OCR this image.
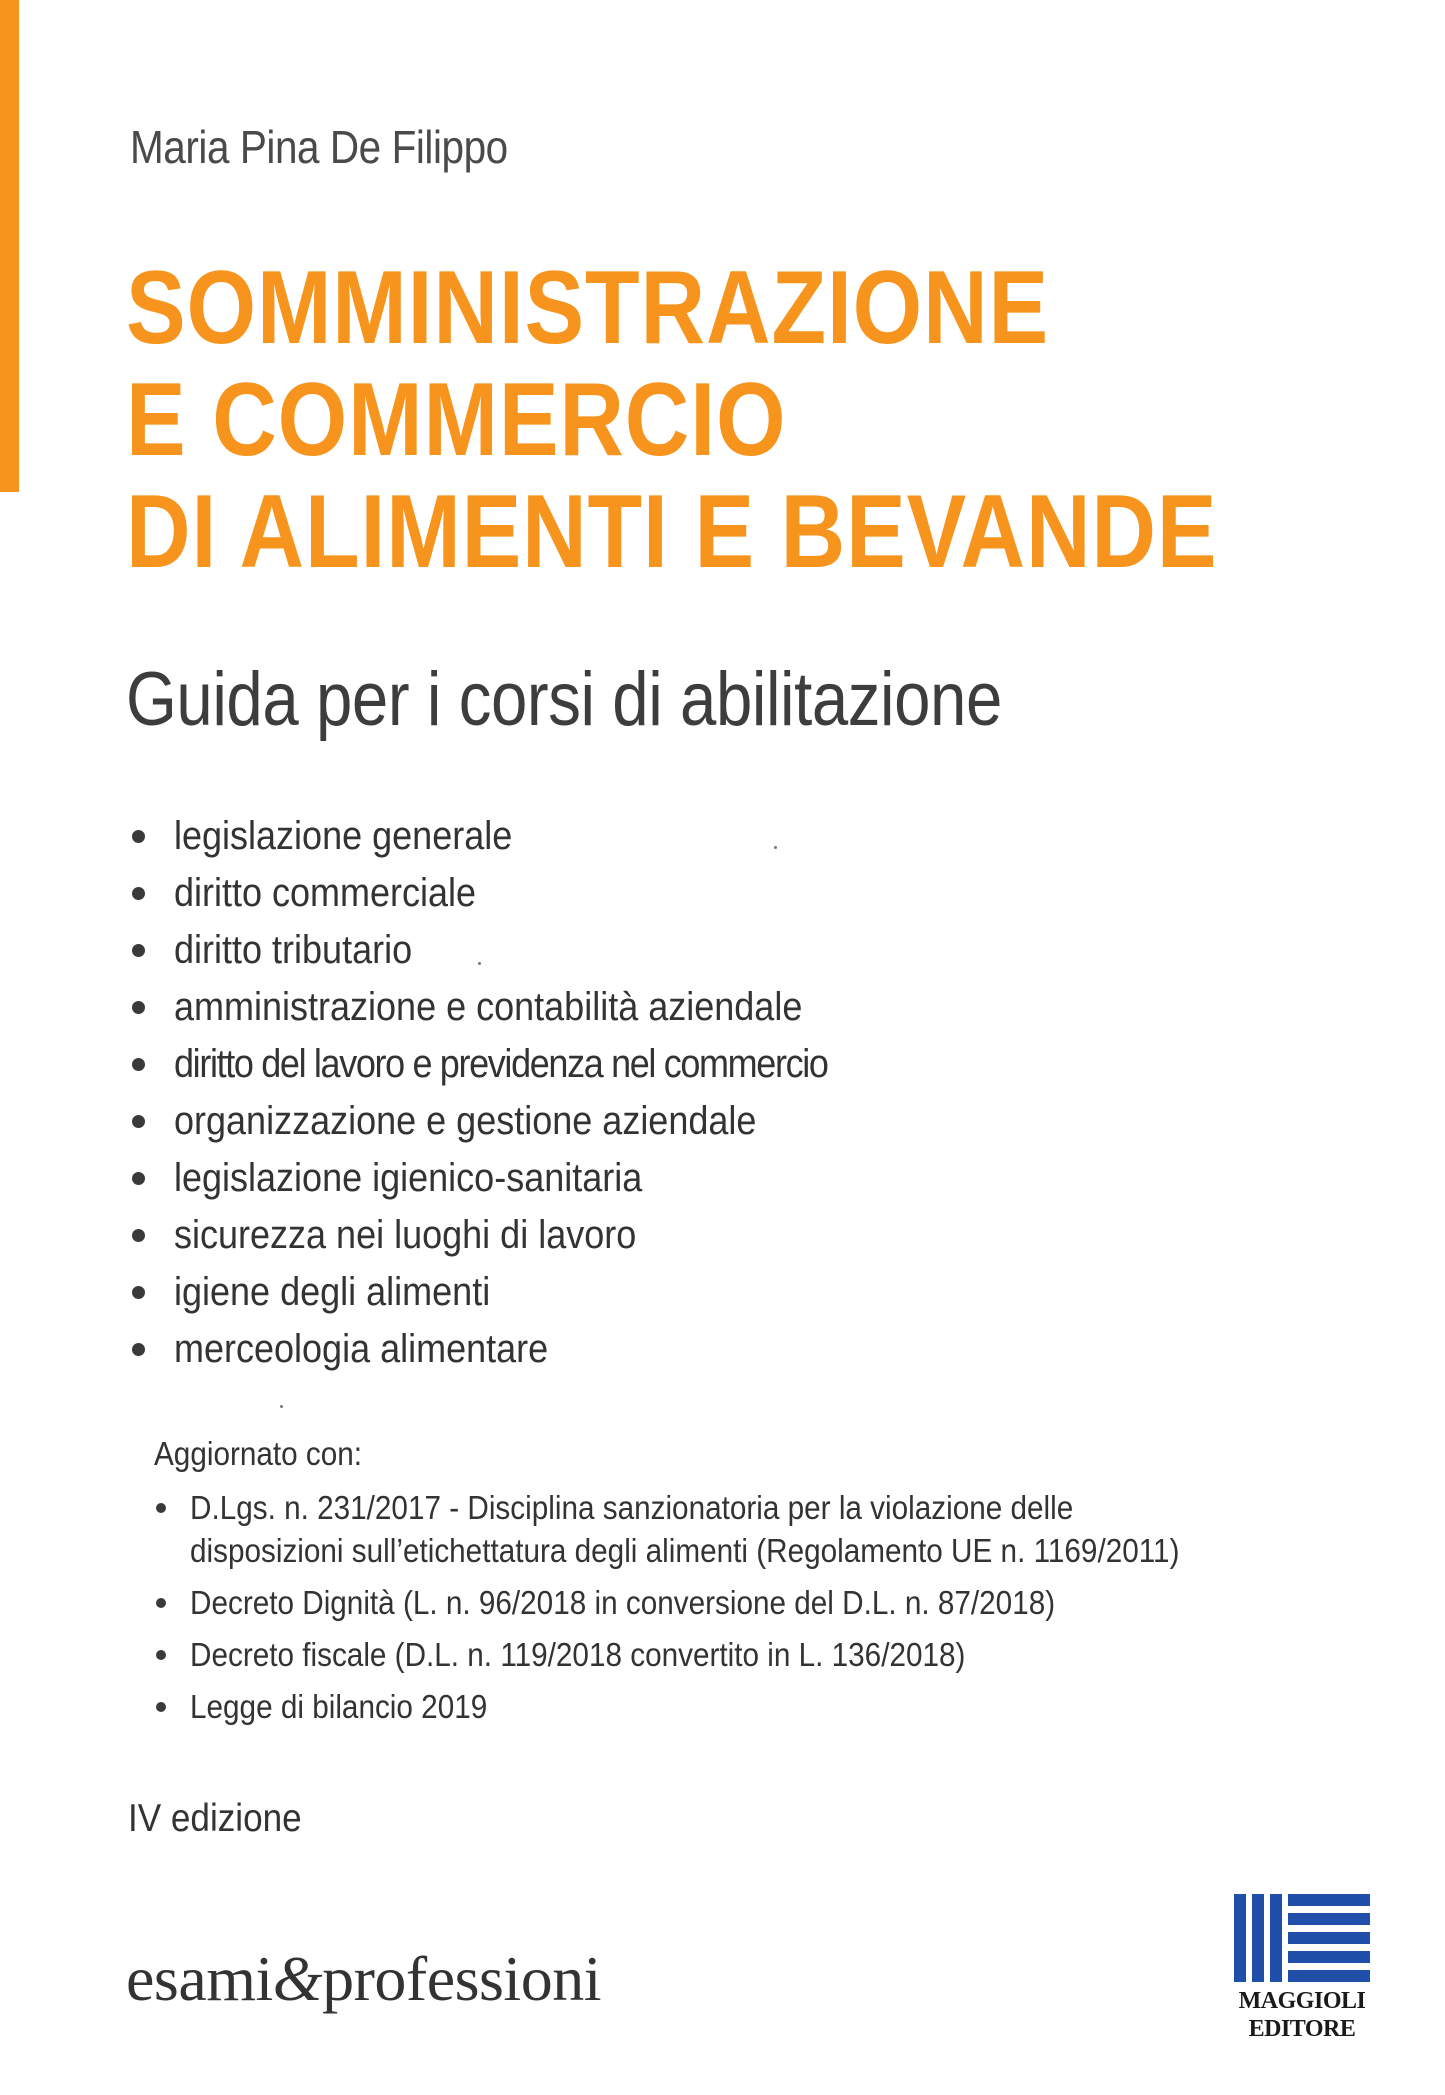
Maria Pina De Filippo
SOMMINISTRAZIONE
E COMMERCIO
DI ALIMENTI E BEVANDE
Guida per i corsi di abilitazione
legislazione generale
diritto commerciale
diritto tributario
amministrazione e contabilità aziendale
diritto del lavoro e previdenza nel commercio
organizzazione e gestione aziendale
legislazione igienico-sanitaria
sicurezza nei luoghi di lavoro
igiene degli alimenti
merceologia alimentare
Aggiornato con:
D.Lgs. n. 231/2017 - Disciplina sanzionatoria per la violazione delle
disposizioni sull’etichettatura degli alimenti (Regolamento UE n. 1169/2011)
Decreto Dignità (L. n. 96/2018 in conversione del D.L. n. 87/2018)
Decreto fiscale (D.L. n. 119/2018 convertito in L. 136/2018)
Legge di bilancio 2019
IV edizione
esami&professioni	MAGGIOLI
EDITORE
